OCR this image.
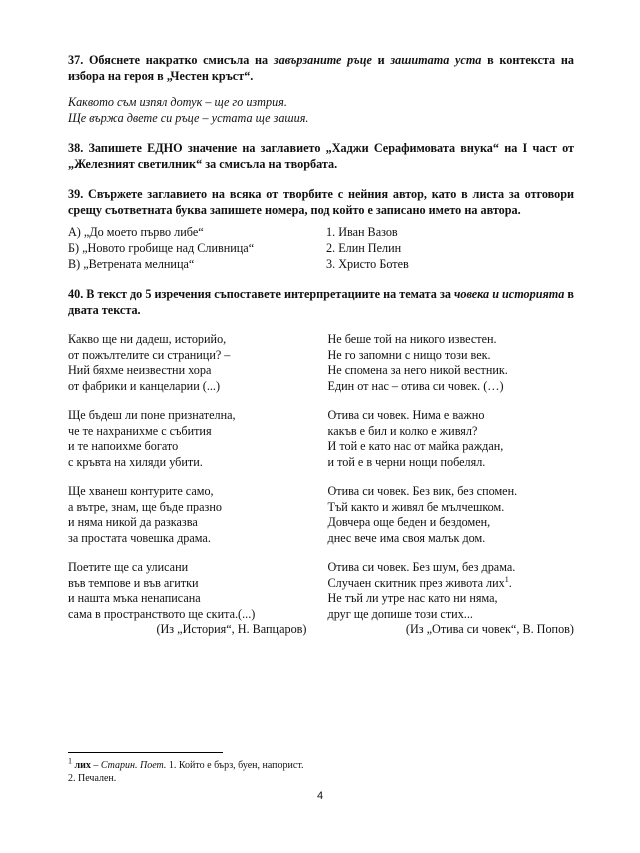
37. Обяснете накратко смисъла на завързаните ръце и зашитата уста в контекста на избора на героя в „Честен кръст“.

Каквото съм изпял дотук – ще го изтрия.
Ще вържа двете си ръце – устата ще зашия.

38. Запишете ЕДНО значение на заглавието „Хаджи Серафимовата внука“ на I част от „Железният светилник“ за смисъла на творбата.

39. Свържете заглавието на всяка от творбите с нейния автор, като в листа за отговори срещу съответната буква запишете номера, под който е записано името на автора.

А) „До моето първо либе“
Б) „Новото гробище над Сливница“
В) „Ветрената мелница“
1. Иван Вазов
2. Елин Пелин
3. Христо Ботев

40. В текст до 5 изречения съпоставете интерпретациите на темата за човека и историята в двата текста.

Какво ще ни дадеш, историйо,
от пожълтелите си страници? –
Ний бяхме неизвестни хора
от фабрики и канцеларии (...)
Ще бъдеш ли поне признателна,
че те нахранихме с събития
и те напоихме богато
с кръвта на хиляди убити.
Ще хванеш контурите само,
а вътре, знам, ще бъде празно
и няма никой да разказва
за простата човешка драма.
Поетите ще са улисани
във темпове и във агитки
и нашта мъка ненаписана
сама в пространството ще скита.(...)
(Из „История“, Н. Вапцаров)
Не беше той на никого известен.
Не го запомни с нищо този век.
Не спомена за него никой вестник.
Един от нас – отива си човек. (…)
Отива си човек. Нима е важно
какъв е бил и колко е живял?
И той е като нас от майка раждан,
и той е в черни нощи побелял.
Отива си човек. Без вик, без спомен.
Тъй както и живял бе мълчешком.
Довчера още беден и бездомен,
днес вече има своя малък дом.
Отива си човек. Без шум, без драма.
Случаен скитник през живота лих$^1$.
Не тъй ли утре нас като ни няма,
друг ще допише този стих...
(Из „Отива си човек“, В. Попов)
$^1$ лих – Старин. Поет. 1. Който е бърз, буен, напорист. 2. Печален.
4
